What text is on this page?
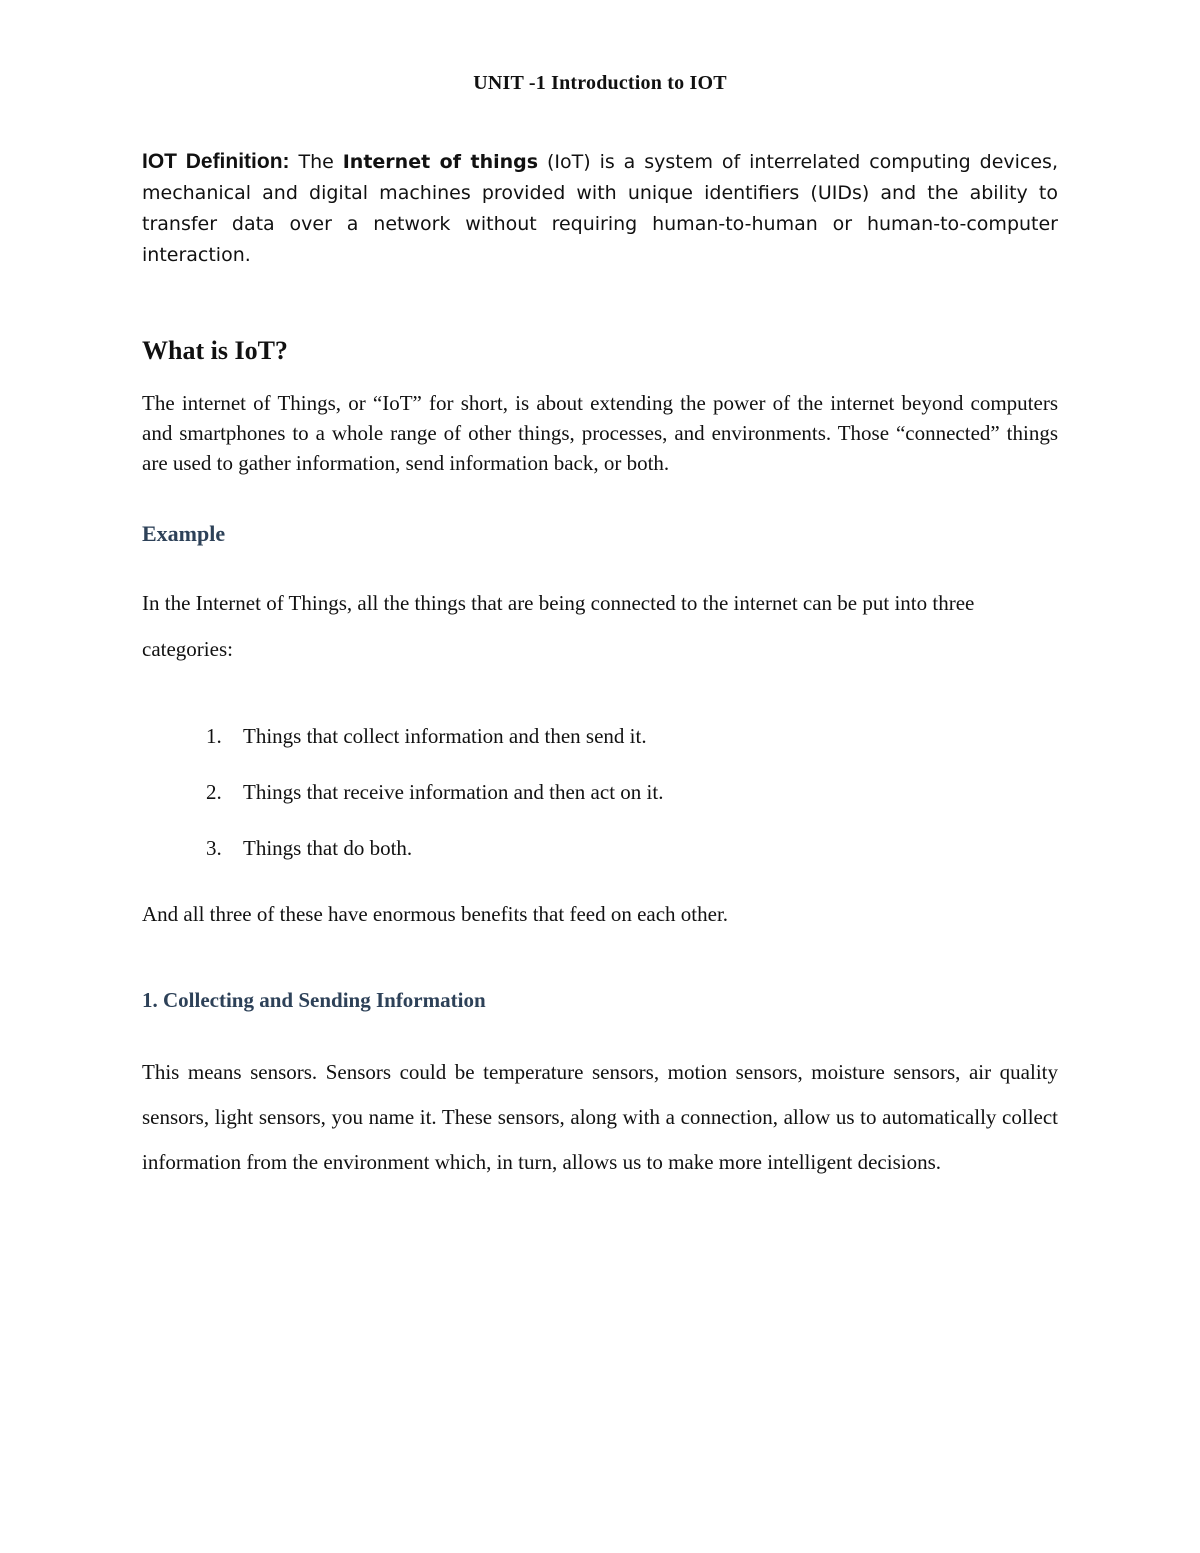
UNIT -1 Introduction to IOT

IOT Definition: The Internet of things (IoT) is a system of interrelated computing devices, mechanical and digital machines provided with unique identifiers (UIDs) and the ability to transfer data over a network without requiring human-to-human or human-to-computer interaction.

What is IoT?

The internet of Things, or “IoT” for short, is about extending the power of the internet beyond computers and smartphones to a whole range of other things, processes, and environments. Those “connected” things are used to gather information, send information back, or both.

Example

In the Internet of Things, all the things that are being connected to the internet can be put into three categories:

1.	Things that collect information and then send it.
2.	Things that receive information and then act on it.
3.	Things that do both.

And all three of these have enormous benefits that feed on each other.

1. Collecting and Sending Information

This means sensors. Sensors could be temperature sensors, motion sensors, moisture sensors, air quality sensors, light sensors, you name it. These sensors, along with a connection, allow us to automatically collect information from the environment which, in turn, allows us to make more intelligent decisions.
